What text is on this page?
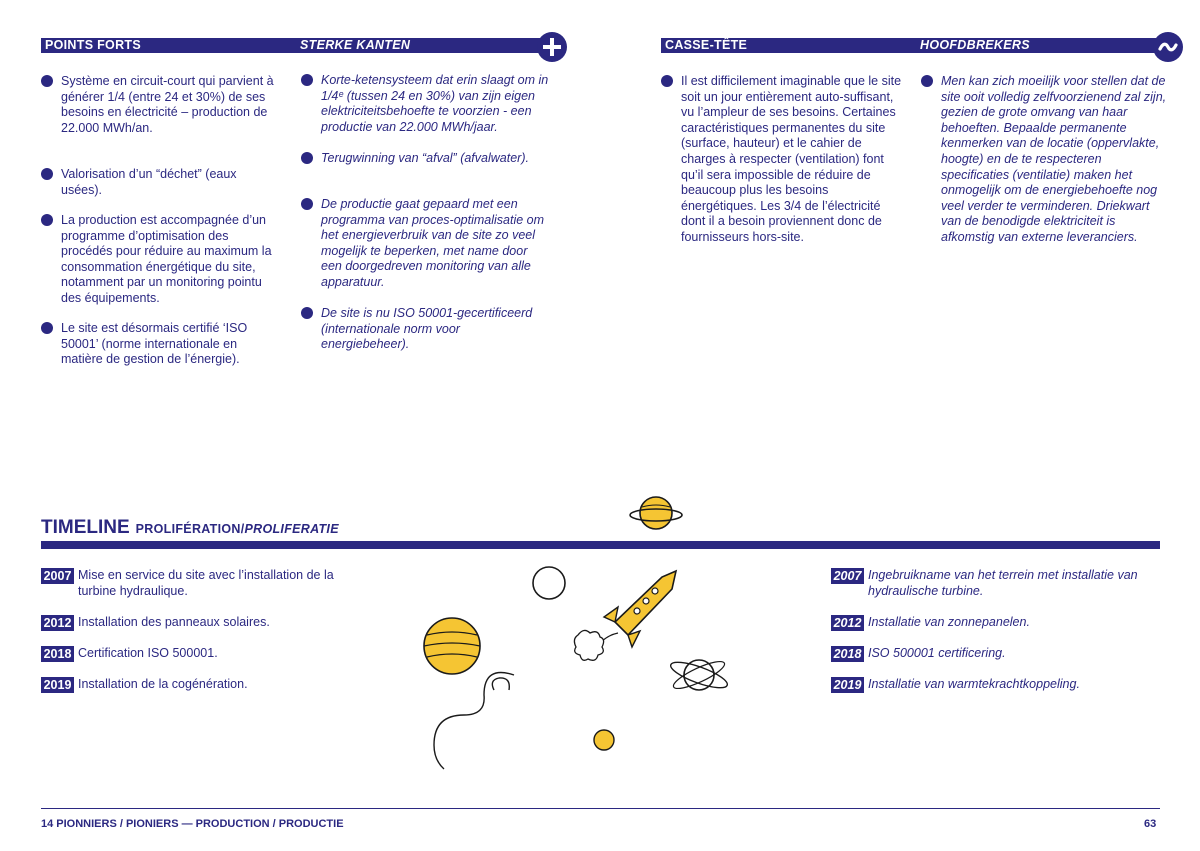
POINTS FORTS	STERKE KANTEN	CASSE-TÊTE	HOOFDBREKERS
Système en circuit-court qui parvient à générer 1/4 (entre 24 et 30%) de ses besoins en électricité – production de 22.000 MWh/an.
Valorisation d’un “déchet” (eaux usées).
La production est accompagnée d’un programme d’optimisation des procédés pour réduire au maximum la consommation énergétique du site, notamment par un monitoring pointu des équipements.
Le site est désormais certifié ‘ISO 50001’ (norme internationale en matière de gestion de l’énergie).
Korte-ketensysteem dat erin slaagt om in 1/4ᵉ (tussen 24 en 30%) van zijn eigen elektriciteitsbehoefte te voorzien - een productie van 22.000 MWh/jaar.
Terugwinning van “afval” (afvalwater).
De productie gaat gepaard met een programma van proces-optimalisatie om het energieverbruik van de site zo veel mogelijk te beperken, met name door een doorgedreven monitoring van alle apparatuur.
De site is nu ISO 50001-gecertificeerd (internationale norm voor energiebeheer).
Il est difficilement imaginable que le site soit un jour entièrement auto-suffisant, vu l’ampleur de ses besoins. Certaines caractéristiques permanentes du site (surface, hauteur) et le cahier de charges à respecter (ventilation) font qu’il sera impossible de réduire de beaucoup plus les besoins énergétiques. Les 3/4 de l’électricité dont il a besoin proviennent donc de fournisseurs hors-site.
Men kan zich moeilijk voor stellen dat de site ooit volledig zelfvoorzienend zal zijn, gezien de grote omvang van haar behoeften. Bepaalde permanente kenmerken van de locatie (oppervlakte, hoogte) en de te respecteren specificaties (ventilatie) maken het onmogelijk om de energiebehoefte nog veel verder te verminderen. Driekwart van de benodigde elektriciteit is afkomstig van externe leveranciers.
TIMELINE PROLIFÉRATION/PROLIFERATIE
2007 Mise en service du site avec l’installation de la turbine hydraulique.
2012 Installation des panneaux solaires.
2018 Certification ISO 500001.
2019 Installation de la cogénération.
2007 Ingebruikname van het terrein met installatie van hydraulische turbine.
2012 Installatie van zonnepanelen.
2018 ISO 500001 certificering.
2019 Installatie van warmtekrachtkoppeling.
14 PIONNIERS / PIONIERS — PRODUCTION / PRODUCTIE	63
